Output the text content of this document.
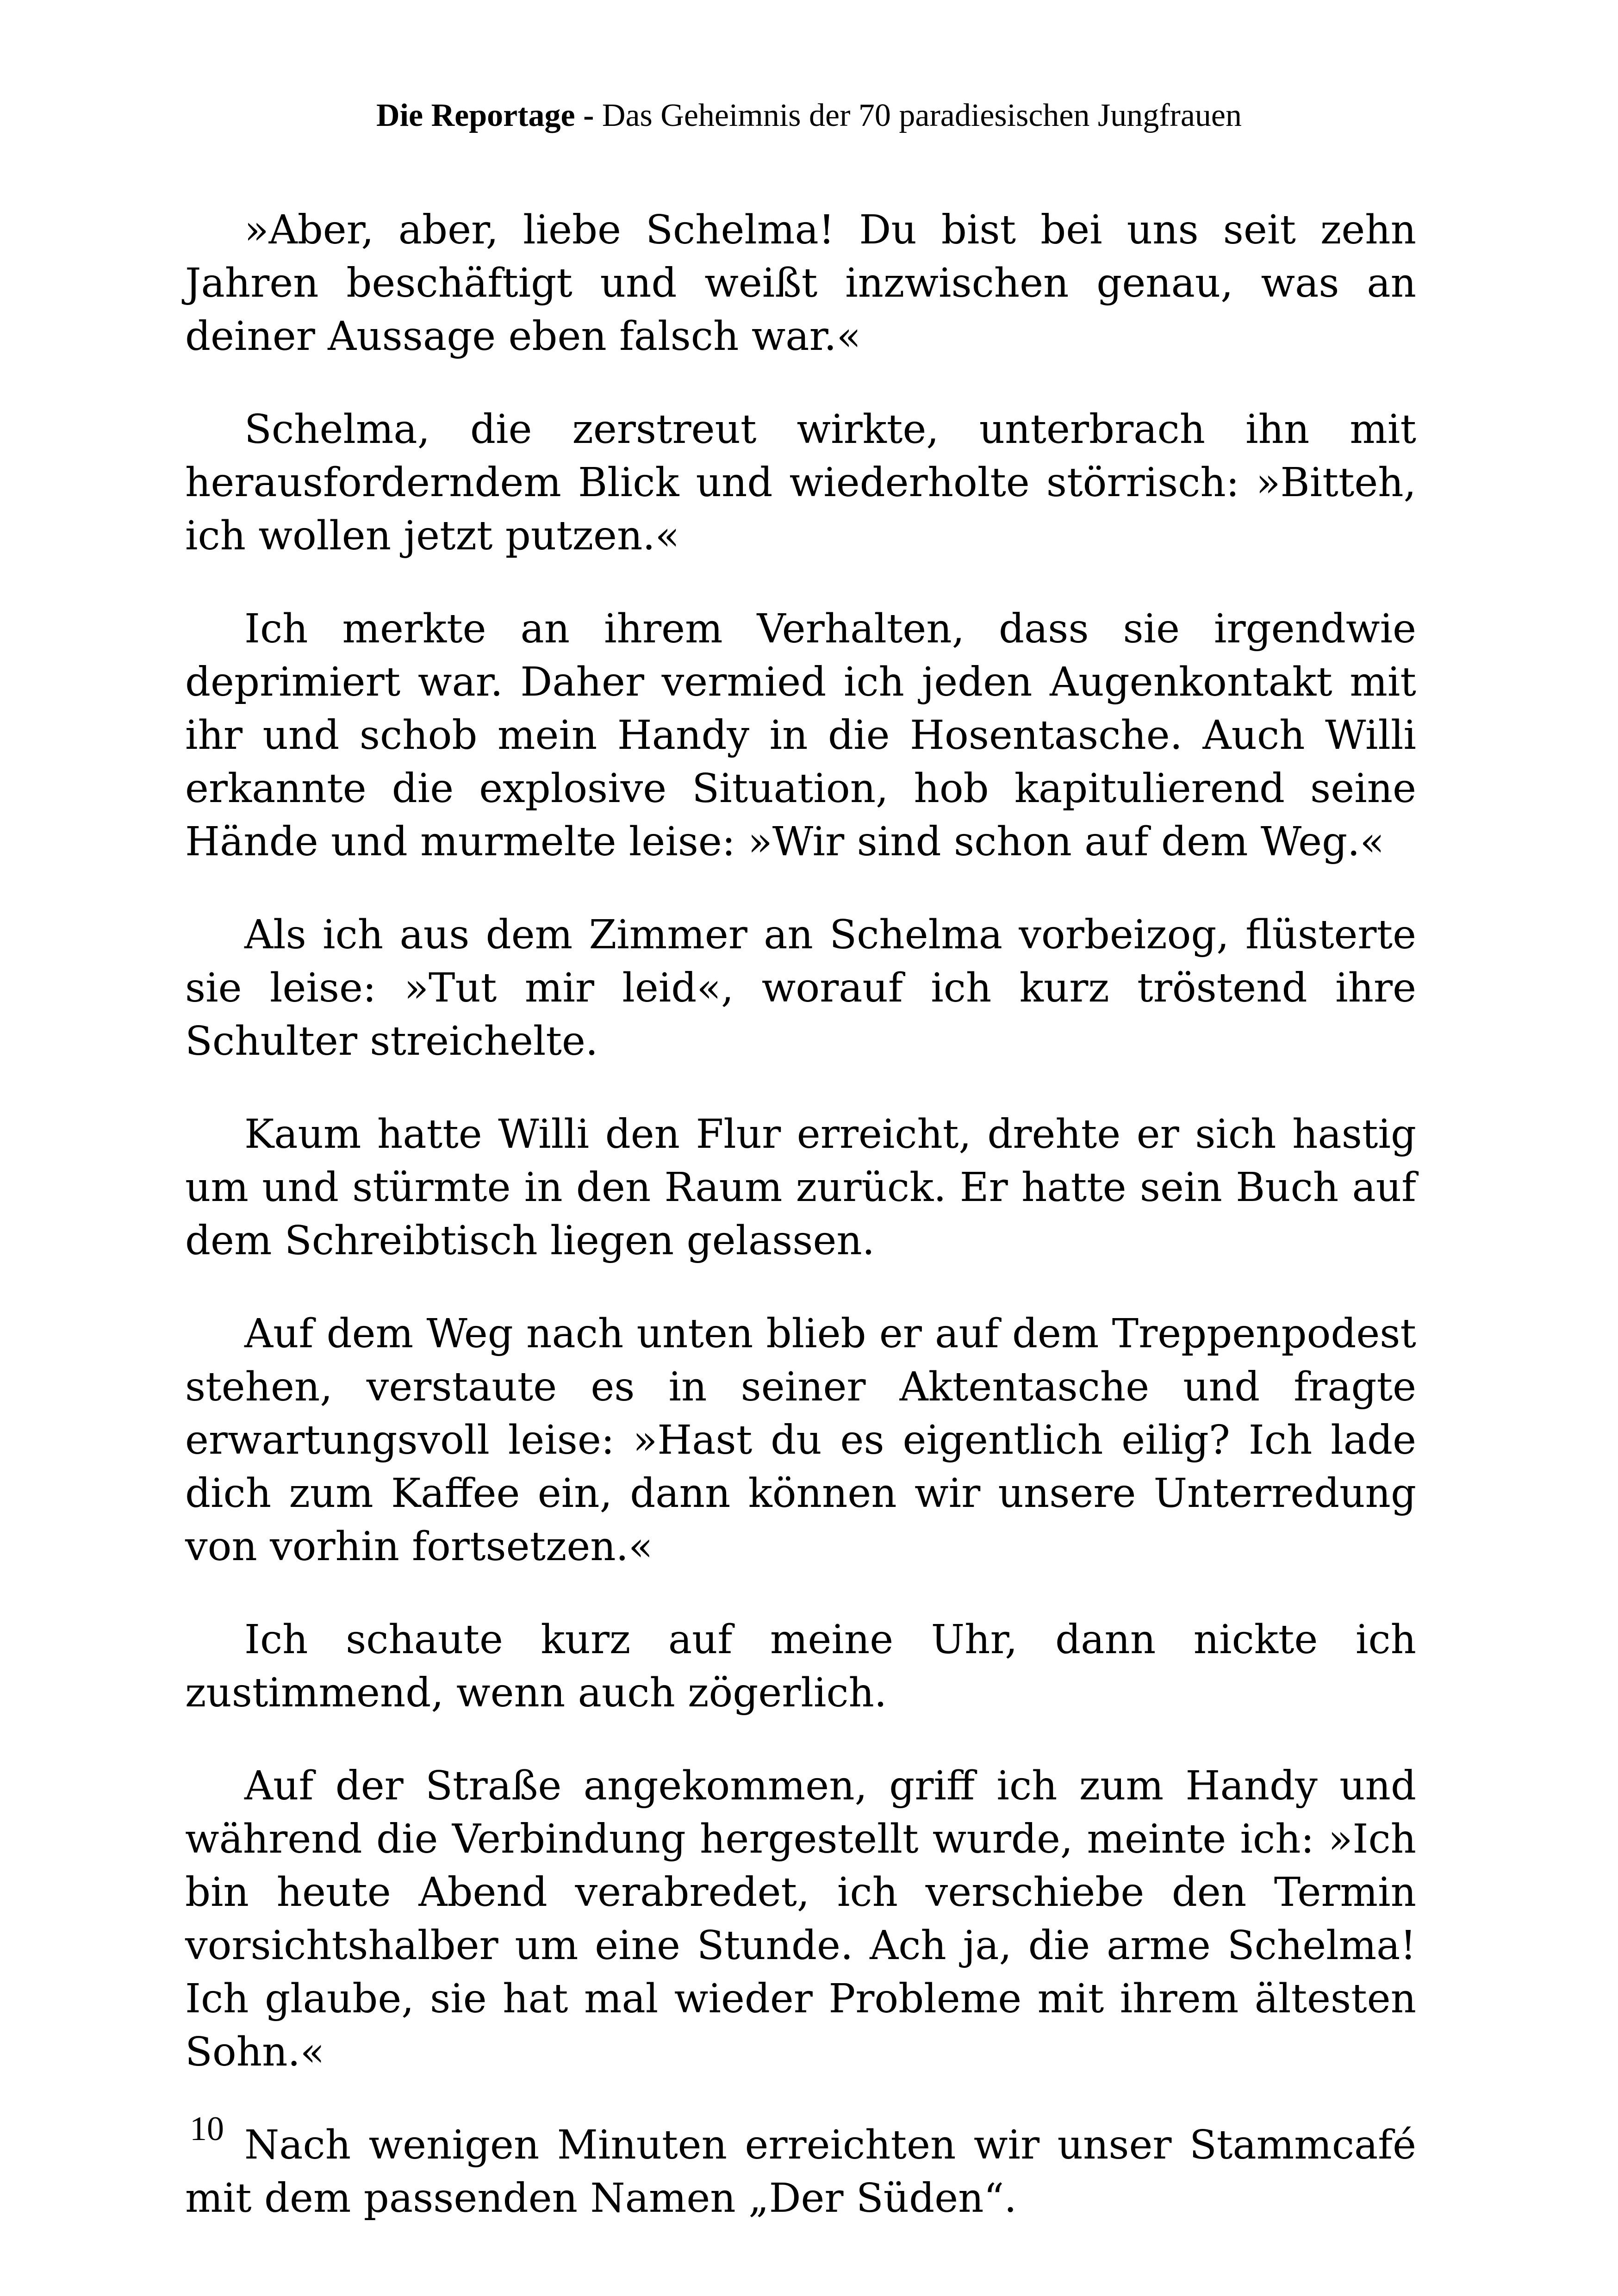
Die Reportage - Das Geheimnis der 70 paradiesischen Jungfrauen

»Aber, aber, liebe Schelma! Du bist bei uns seit zehn Jahren beschäftigt und weißt inzwischen genau, was an deiner Aussage eben falsch war.«

Schelma, die zerstreut wirkte, unterbrach ihn mit herausforderndem Blick und wiederholte störrisch: »Bitteh, ich wollen jetzt putzen.«

Ich merkte an ihrem Verhalten, dass sie irgendwie deprimiert war. Daher vermied ich jeden Augenkontakt mit ihr und schob mein Handy in die Hosentasche. Auch Willi erkannte die explosive Situation, hob kapitulierend seine Hände und murmelte leise: »Wir sind schon auf dem Weg.«

Als ich aus dem Zimmer an Schelma vorbeizog, flüsterte sie leise: »Tut mir leid«, worauf ich kurz tröstend ihre Schulter streichelte.

Kaum hatte Willi den Flur erreicht, drehte er sich hastig um und stürmte in den Raum zurück. Er hatte sein Buch auf dem Schreibtisch liegen gelassen.

Auf dem Weg nach unten blieb er auf dem Treppenpodest stehen, verstaute es in seiner Aktentasche und fragte erwartungsvoll leise: »Hast du es eigentlich eilig? Ich lade dich zum Kaffee ein, dann können wir unsere Unterredung von vorhin fortsetzen.«

Ich schaute kurz auf meine Uhr, dann nickte ich zustimmend, wenn auch zögerlich.

Auf der Straße angekommen, griff ich zum Handy und während die Verbindung hergestellt wurde, meinte ich: »Ich bin heute Abend verabredet, ich verschiebe den Termin vorsichtshalber um eine Stunde. Ach ja, die arme Schelma! Ich glaube, sie hat mal wieder Probleme mit ihrem ältesten Sohn.«

Nach wenigen Minuten erreichten wir unser Stammcafé mit dem passenden Namen „Der Süden“.

10
